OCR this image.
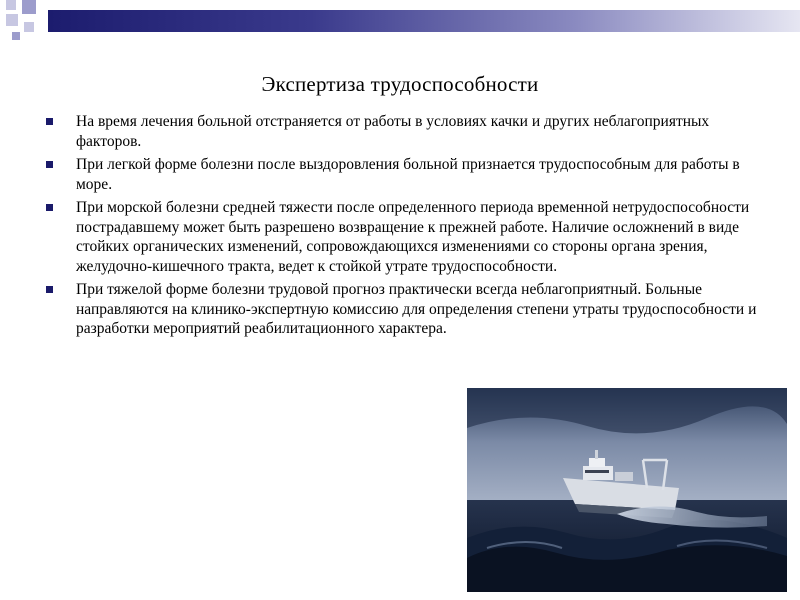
Экспертиза трудоспособности
На время лечения больной отстраняется от работы в условиях качки и других неблагоприятных факторов.
При легкой форме болезни после выздоровления больной признается трудоспособным для работы в море.
При морской болезни средней тяжести после определенного периода временной нетрудоспособности пострадавшему может быть разрешено возвращение к прежней работе. Наличие осложнений в виде стойких органических изменений, сопровождающихся изменениями со стороны органа зрения, желудочно-кишечного тракта, ведет к стойкой утрате трудоспособности.
При тяжелой форме болезни трудовой прогноз практически всегда неблагоприятный. Больные направляются на клинико-экспертную комиссию для определения степени утраты трудоспособности и разработки мероприятий реабилитационного характера.
